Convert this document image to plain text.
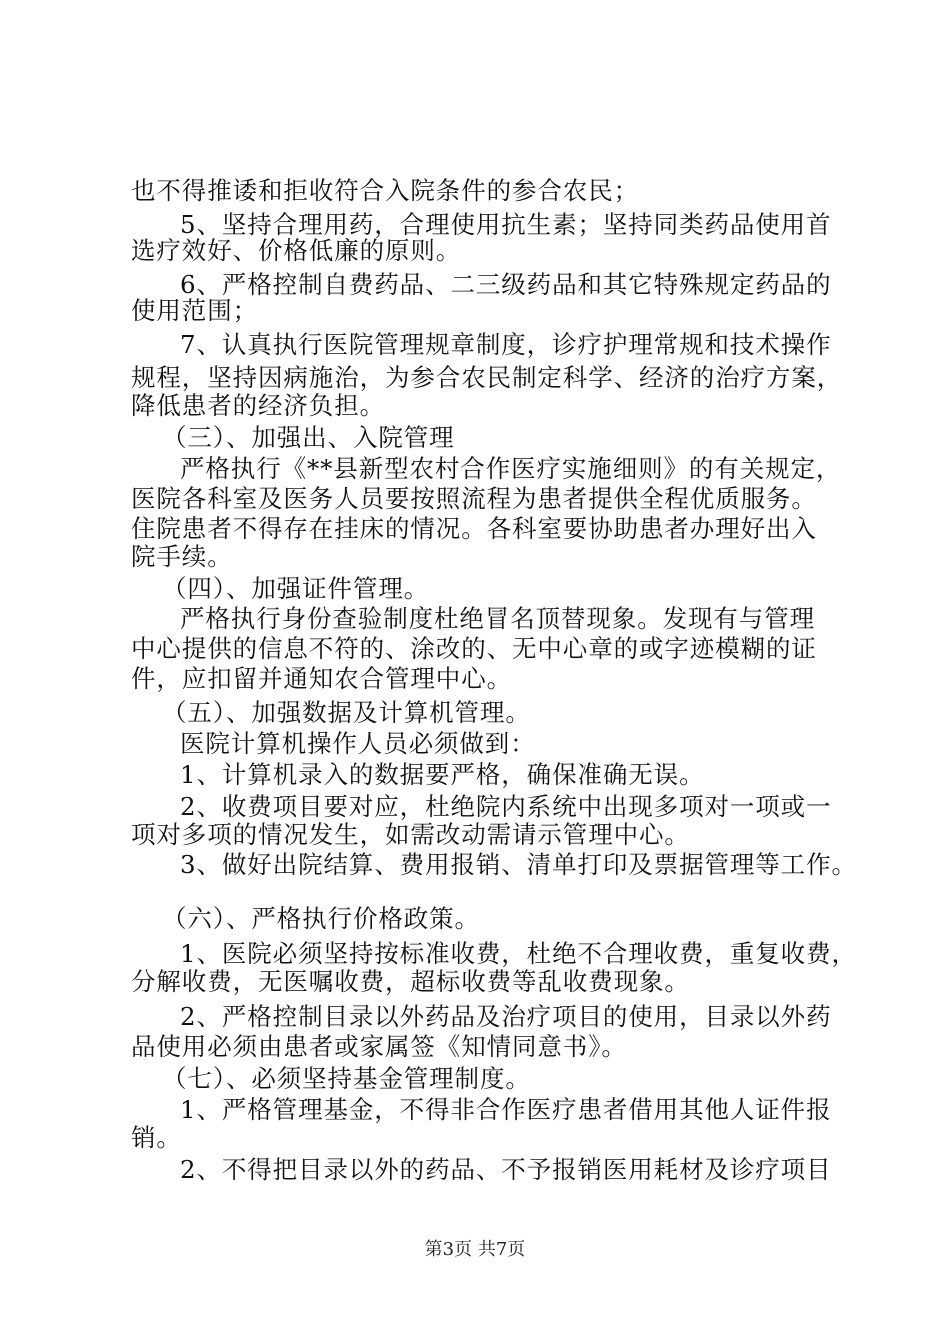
也不得推诿和拒收符合入院条件的参合农民；
5、坚持合理用药，合理使用抗生素；坚持同类药品使用首
选疗效好、价格低廉的原则。
6、严格控制自费药品、二三级药品和其它特殊规定药品的
使用范围；
7、认真执行医院管理规章制度，诊疗护理常规和技术操作
规程，坚持因病施治，为参合农民制定科学、经济的治疗方案，
降低患者的经济负担。
（三）、加强出、入院管理
严格执行《**县新型农村合作医疗实施细则》的有关规定，
医院各科室及医务人员要按照流程为患者提供全程优质服务。
住院患者不得存在挂床的情况。各科室要协助患者办理好出入
院手续。
（四）、加强证件管理。
严格执行身份查验制度杜绝冒名顶替现象。发现有与管理
中心提供的信息不符的、涂改的、无中心章的或字迹模糊的证
件，应扣留并通知农合管理中心。
（五）、加强数据及计算机管理。
医院计算机操作人员必须做到：
1、计算机录入的数据要严格，确保准确无误。
2、收费项目要对应，杜绝院内系统中出现多项对一项或一
项对多项的情况发生，如需改动需请示管理中心。
3、做好出院结算、费用报销、清单打印及票据管理等工作。
（六）、严格执行价格政策。
1、医院必须坚持按标准收费，杜绝不合理收费，重复收费，
分解收费，无医嘱收费，超标收费等乱收费现象。
2、严格控制目录以外药品及治疗项目的使用，目录以外药
品使用必须由患者或家属签《知情同意书》。
（七）、必须坚持基金管理制度。
1、严格管理基金，不得非合作医疗患者借用其他人证件报
销。
2、不得把目录以外的药品、不予报销医用耗材及诊疗项目
第3页 共7页
